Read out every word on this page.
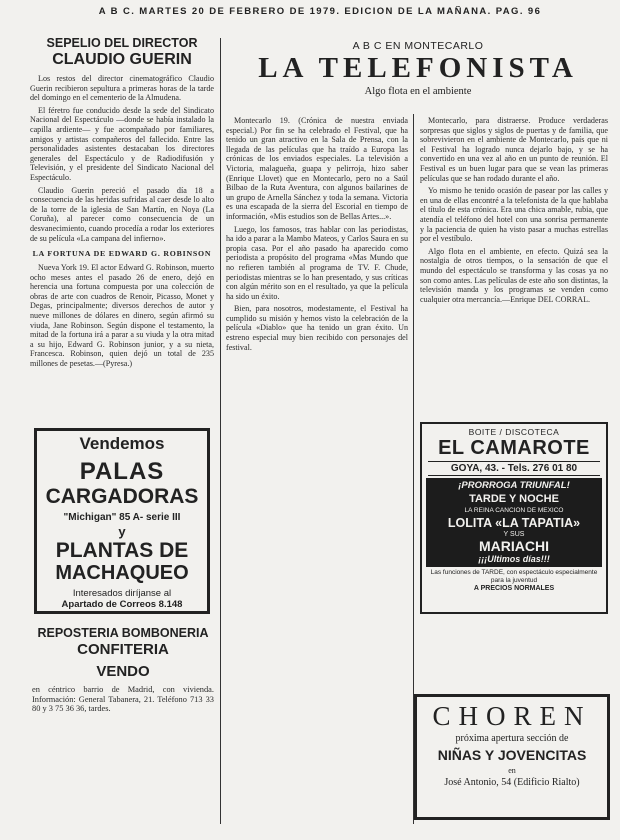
A B C. MARTES 20 DE FEBRERO DE 1979. EDICION DE LA MAÑANA. PAG. 96
SEPELIO DEL DIRECTOR
CLAUDIO GUERIN

Los restos del director cinematográfico Claudio Guerin recibieron sepultura a primeras horas de la tarde del domingo en el cementerio de la Almudena.

El féretro fue conducido desde la sede del Sindicato Nacional del Espectáculo —donde se había instalado la capilla ardiente— y fue acompañado por familiares, amigos y artistas compañeros del fallecido. Entre las personalidades asistentes destacaban los directores generales del Espectáculo y de Radiodifusión y Televisión, y el presidente del Sindicato Nacional del Espectáculo.

Claudio Guerin pereció el pasado día 18 a consecuencia de las heridas sufridas al caer desde lo alto de la torre de la iglesia de San Martín, en Noya (La Coruña), al parecer como consecuencia de un desvanecimiento, cuando procedía a rodar los exteriores de su película «La campana del infierno».

LA FORTUNA DE EDWARD G. ROBINSON

Nueva York 19. El actor Edward G. Robinson, muerto ocho meses antes el pasado 26 de enero, dejó en herencia una fortuna compuesta por una colección de obras de arte con cuadros de Renoir, Picasso, Monet y Degas, principalmente; diversos derechos de autor y nueve millones de dólares en dinero, según afirmó su viuda, Jane Robinson. Según dispone el testamento, la mitad de la fortuna irá a parar a su viuda y la otra mitad a su hijo, Edward G. Robinson junior, y a su nieta, Francesca. Robinson, quien dejó un total de 235 millones de pesetas.—(Pyresa.)

Vendemos
PALAS
CARGADORAS
"Michigan" 85 A- serie III
y
PLANTAS DE
MACHAQUEO
Interesados diríjanse al
Apartado de Correos 8.148
REPOSTERIA BOMBONERIA
CONFITERIA
VENDO
en céntrico barrio de Madrid, con vivienda. Información: General Tabanera, 21. Teléfono 713 33 80 y 3 75 36 36, tardes.
A B C EN MONTECARLO
LA TELEFONISTA
Algo flota en el ambiente

Montecarlo 19. (Crónica de nuestra enviada especial.) Por fin se ha celebrado el Festival, que ha tenido un gran atractivo en la Sala de Prensa, con la llegada de las películas que ha traído a Europa las crónicas de los enviados especiales. La televisión a Victoria, malagueña, guapa y pelirroja, hizo saber (Enrique Llovet) que en Montecarlo, pero no a Saúl Bilbao de la Ruta Aventura, con algunos bailarines de un grupo de Arnella Sánchez y toda la semana. Victoria es una escapada de la sierra del Escorial en tiempo de información, «Mis estudios son de Bellas Artes...».

Luego, los famosos, tras hablar con las periodistas, ha ido a parar a la Mambo Mateos, y Carlos Saura en su propia casa. Por el año pasado ha aparecido como periodista a propósito del programa «Mas Mundo que no refieren también al programa de TV. F. Chude, periodistas mientras se lo han presentado, y sus críticas con algún mérito son en el resultado, ya que la película ha sido un éxito.

Bien, para nosotros, modestamente, el Festival ha cumplido su misión y hemos visto la celebración de la película «Diablo» que ha tenido un gran éxito. Un estreno especial muy bien recibido con personajes del festival.

Montecarlo, para distraerse. Produce verdaderas sorpresas que siglos y siglos de puertas y de familia, que sobrevivieron en el ambiente de Montecarlo, país que ni el Festival ha logrado nunca dejarlo bajo, y se ha convertido en una vez al año en un punto de reunión. El Festival es un buen lugar para que se vean las primeras películas que se han rodado durante el año.

Yo mismo he tenido ocasión de pasear por las calles y en una de ellas encontré a la telefonista de la que hablaba el título de esta crónica. Era una chica amable, rubia, que atendía el teléfono del hotel con una sonrisa permanente y la paciencia de quien ha visto pasar a muchas estrellas por el vestíbulo.

Algo flota en el ambiente, en efecto. Quizá sea la nostalgia de otros tiempos, o la sensación de que el mundo del espectáculo se transforma y las cosas ya no son como antes. Las películas de este año son distintas, la televisión manda y los programas se venden como cualquier otra mercancía.—Enrique DEL CORRAL.

BOITE / DISCOTECA
EL CAMAROTE
GOYA, 43. - Tels. 276 01 80
¡PRORROGA TRIUNFAL!
TARDE Y NOCHE
LA REINA CANCION DE MEXICO
LOLITA «LA TAPATIA»
Y SUS
MARIACHI
¡¡¡Ultimos días!!!
Las funciones de TARDE, con espectáculo especialmente para la juventud
A PRECIOS NORMALES
CHOREN
próxima apertura sección de
NIÑAS Y JOVENCITAS
en
José Antonio, 54 (Edificio Rialto)
